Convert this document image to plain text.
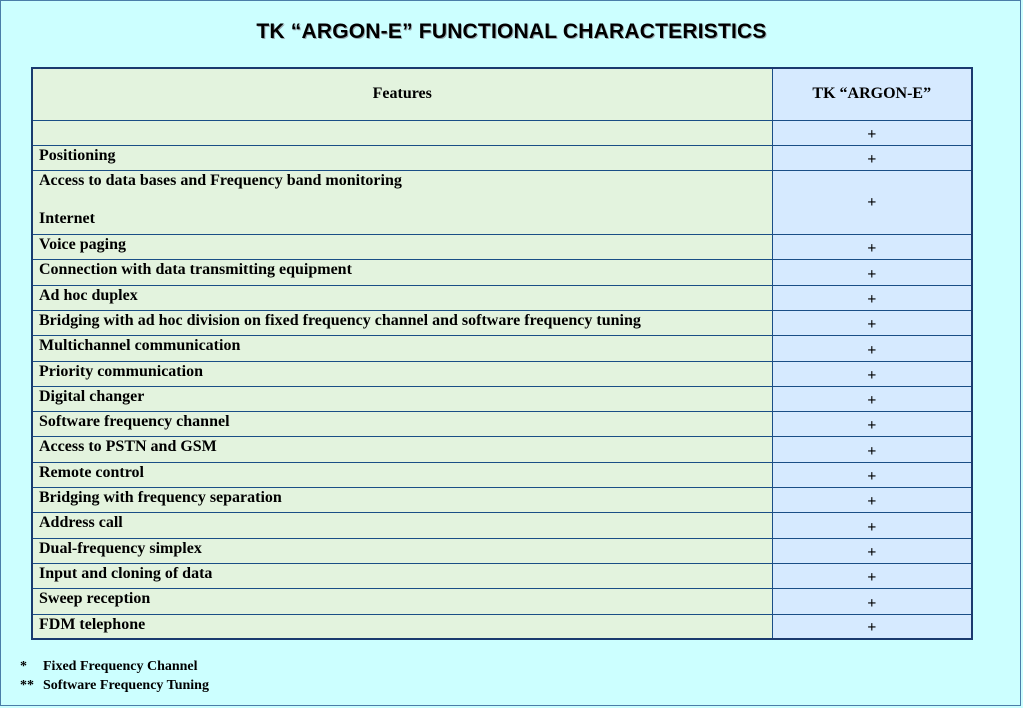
TK “ARGON-E” FUNCTIONAL CHARACTERISTICS
Features	TK “ARGON-E”
	+
Positioning	+

Access to data bases and Frequency band monitoring
Internet	+
Voice paging	+
Connection with data transmitting equipment	+
Ad hoc duplex	+
Bridging with ad hoc division on fixed frequency channel and software frequency tuning	+
Multichannel communication	+
Priority communication	+
Digital changer	+
Software frequency channel	+
Access to PSTN and GSM	+
Remote control	+
Bridging with frequency separation	+
Address call	+
Dual-frequency simplex	+
Input and cloning of data	+
Sweep reception	+
FDM telephone	+
* Fixed Frequency Channel
** Software Frequency Tuning
